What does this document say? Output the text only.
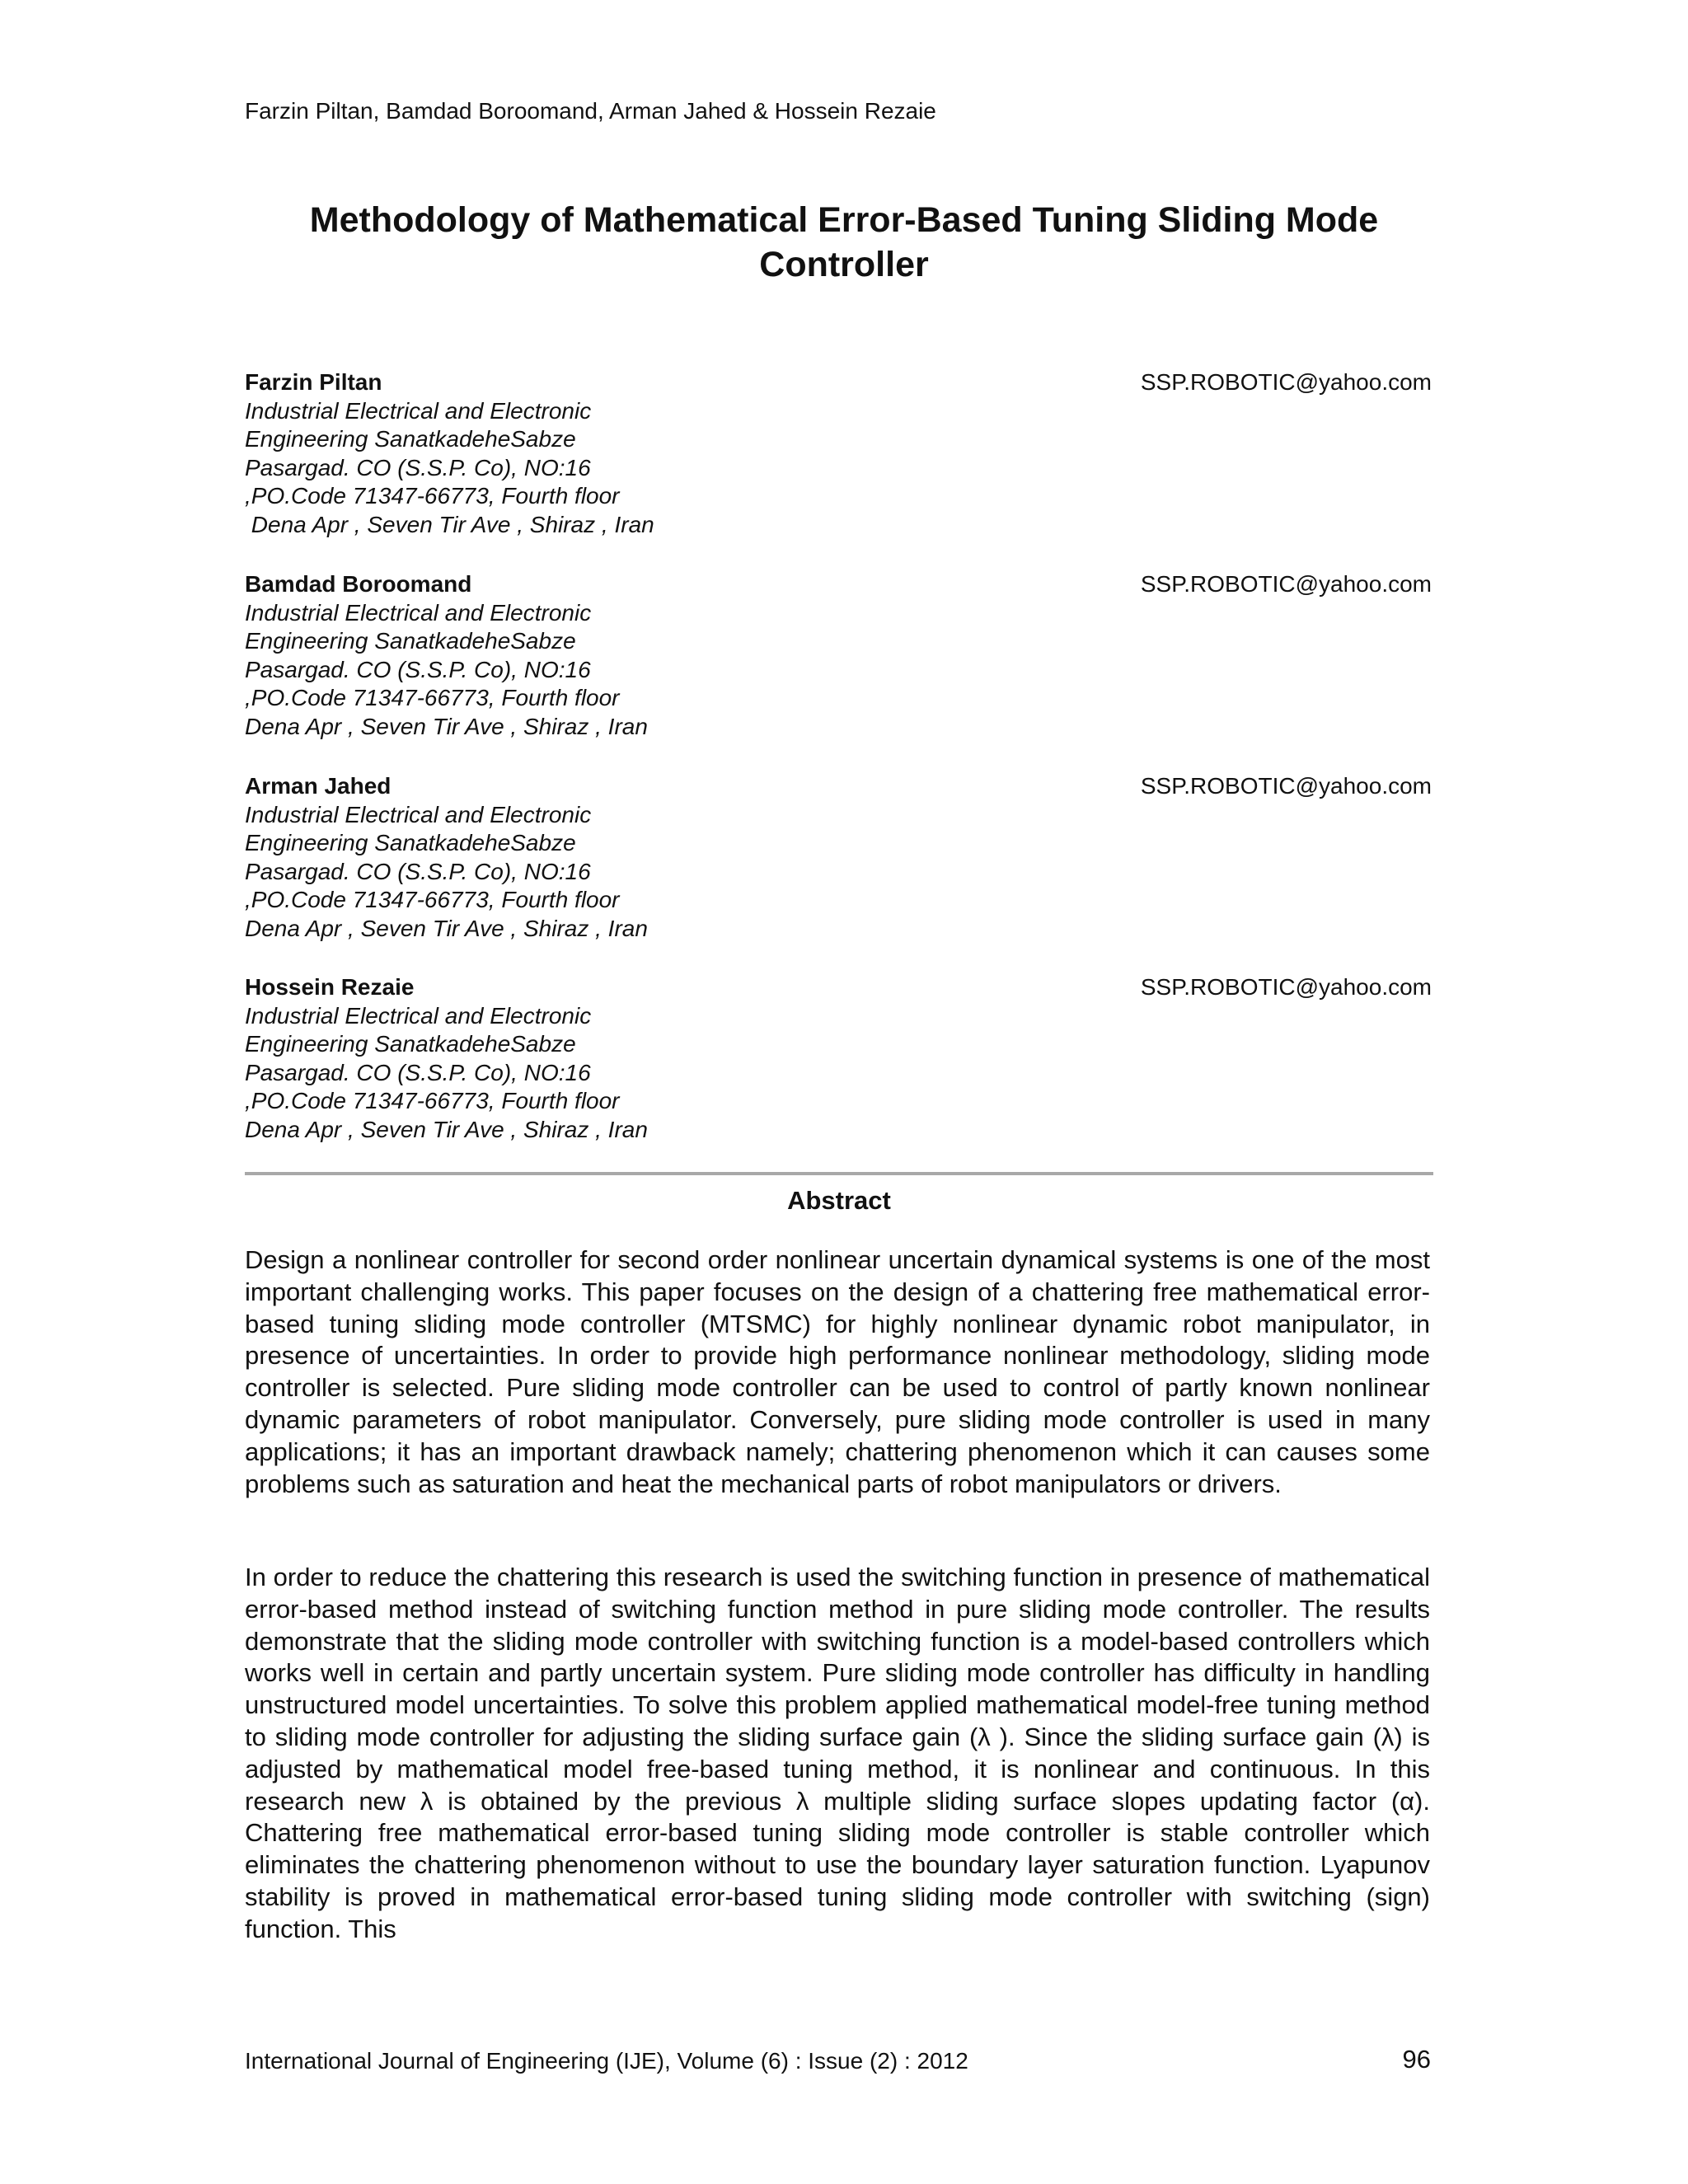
Farzin Piltan, Bamdad Boroomand, Arman Jahed & Hossein Rezaie
Methodology of Mathematical Error-Based Tuning Sliding Mode
Controller
Farzin Piltan	SSP.ROBOTIC@yahoo.com
Industrial Electrical and Electronic
Engineering SanatkadeheSabze
Pasargad. CO (S.S.P. Co), NO:16
,PO.Code 71347-66773, Fourth floor
Dena Apr , Seven Tir Ave , Shiraz , Iran
Bamdad Boroomand	SSP.ROBOTIC@yahoo.com
Industrial Electrical and Electronic
Engineering SanatkadeheSabze
Pasargad. CO (S.S.P. Co), NO:16
,PO.Code 71347-66773, Fourth floor
Dena Apr , Seven Tir Ave , Shiraz , Iran
Arman Jahed	SSP.ROBOTIC@yahoo.com
Industrial Electrical and Electronic
Engineering SanatkadeheSabze
Pasargad. CO (S.S.P. Co), NO:16
,PO.Code 71347-66773, Fourth floor
Dena Apr , Seven Tir Ave , Shiraz , Iran
Hossein Rezaie	SSP.ROBOTIC@yahoo.com
Industrial Electrical and Electronic
Engineering SanatkadeheSabze
Pasargad. CO (S.S.P. Co), NO:16
,PO.Code 71347-66773, Fourth floor
Dena Apr , Seven Tir Ave , Shiraz , Iran
Abstract

Design a nonlinear controller for second order nonlinear uncertain dynamical systems is one of the most important challenging works. This paper focuses on the design of a chattering free mathematical error-based tuning sliding mode controller (MTSMC) for highly nonlinear dynamic robot manipulator, in presence of uncertainties. In order to provide high performance nonlinear methodology, sliding mode controller is selected. Pure sliding mode controller can be used to control of partly known nonlinear dynamic parameters of robot manipulator. Conversely, pure sliding mode controller is used in many applications; it has an important drawback namely; chattering phenomenon which it can causes some problems such as saturation and heat the mechanical parts of robot manipulators or drivers.

In order to reduce the chattering this research is used the switching function in presence of mathematical error-based method instead of switching function method in pure sliding mode controller. The results demonstrate that the sliding mode controller with switching function is a model-based controllers which works well in certain and partly uncertain system. Pure sliding mode controller has difficulty in handling unstructured model uncertainties. To solve this problem applied mathematical model-free tuning method to sliding mode controller for adjusting the sliding surface gain (λ ). Since the sliding surface gain (λ) is adjusted by mathematical model free-based tuning method, it is nonlinear and continuous. In this research new λ is obtained by the previous λ multiple sliding surface slopes updating factor (α). Chattering free mathematical error-based tuning sliding mode controller is stable controller which eliminates the chattering phenomenon without to use the boundary layer saturation function. Lyapunov stability is proved in mathematical error-based tuning sliding mode controller with switching (sign) function. This

International Journal of Engineering (IJE), Volume (6) : Issue (2) : 2012	96
